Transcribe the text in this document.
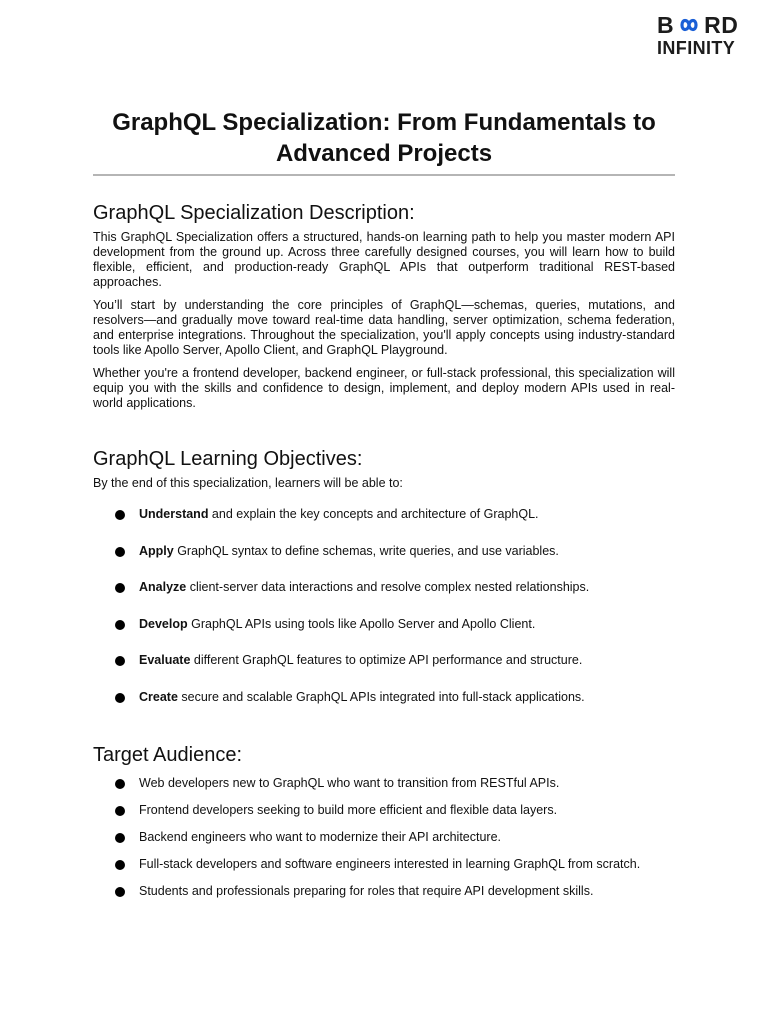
B RD
INFINITY
GraphQL Specialization: From Fundamentals to Advanced Projects
GraphQL Specialization Description:

This GraphQL Specialization offers a structured, hands-on learning path to help you master modern API development from the ground up. Across three carefully designed courses, you will learn how to build flexible, efficient, and production-ready GraphQL APIs that outperform traditional REST-based approaches.

You’ll start by understanding the core principles of GraphQL—schemas, queries, mutations, and resolvers—and gradually move toward real-time data handling, server optimization, schema federation, and enterprise integrations. Throughout the specialization, you'll apply concepts using industry-standard tools like Apollo Server, Apollo Client, and GraphQL Playground.

Whether you're a frontend developer, backend engineer, or full-stack professional, this specialization will equip you with the skills and confidence to design, implement, and deploy modern APIs used in real-world applications.

GraphQL Learning Objectives:

By the end of this specialization, learners will be able to:

Understand and explain the key concepts and architecture of GraphQL.
Apply GraphQL syntax to define schemas, write queries, and use variables.
Analyze client-server data interactions and resolve complex nested relationships.
Develop GraphQL APIs using tools like Apollo Server and Apollo Client.
Evaluate different GraphQL features to optimize API performance and structure.
Create secure and scalable GraphQL APIs integrated into full-stack applications.
Target Audience:
Web developers new to GraphQL who want to transition from RESTful APIs.
Frontend developers seeking to build more efficient and flexible data layers.
Backend engineers who want to modernize their API architecture.
Full-stack developers and software engineers interested in learning GraphQL from scratch.
Students and professionals preparing for roles that require API development skills.
